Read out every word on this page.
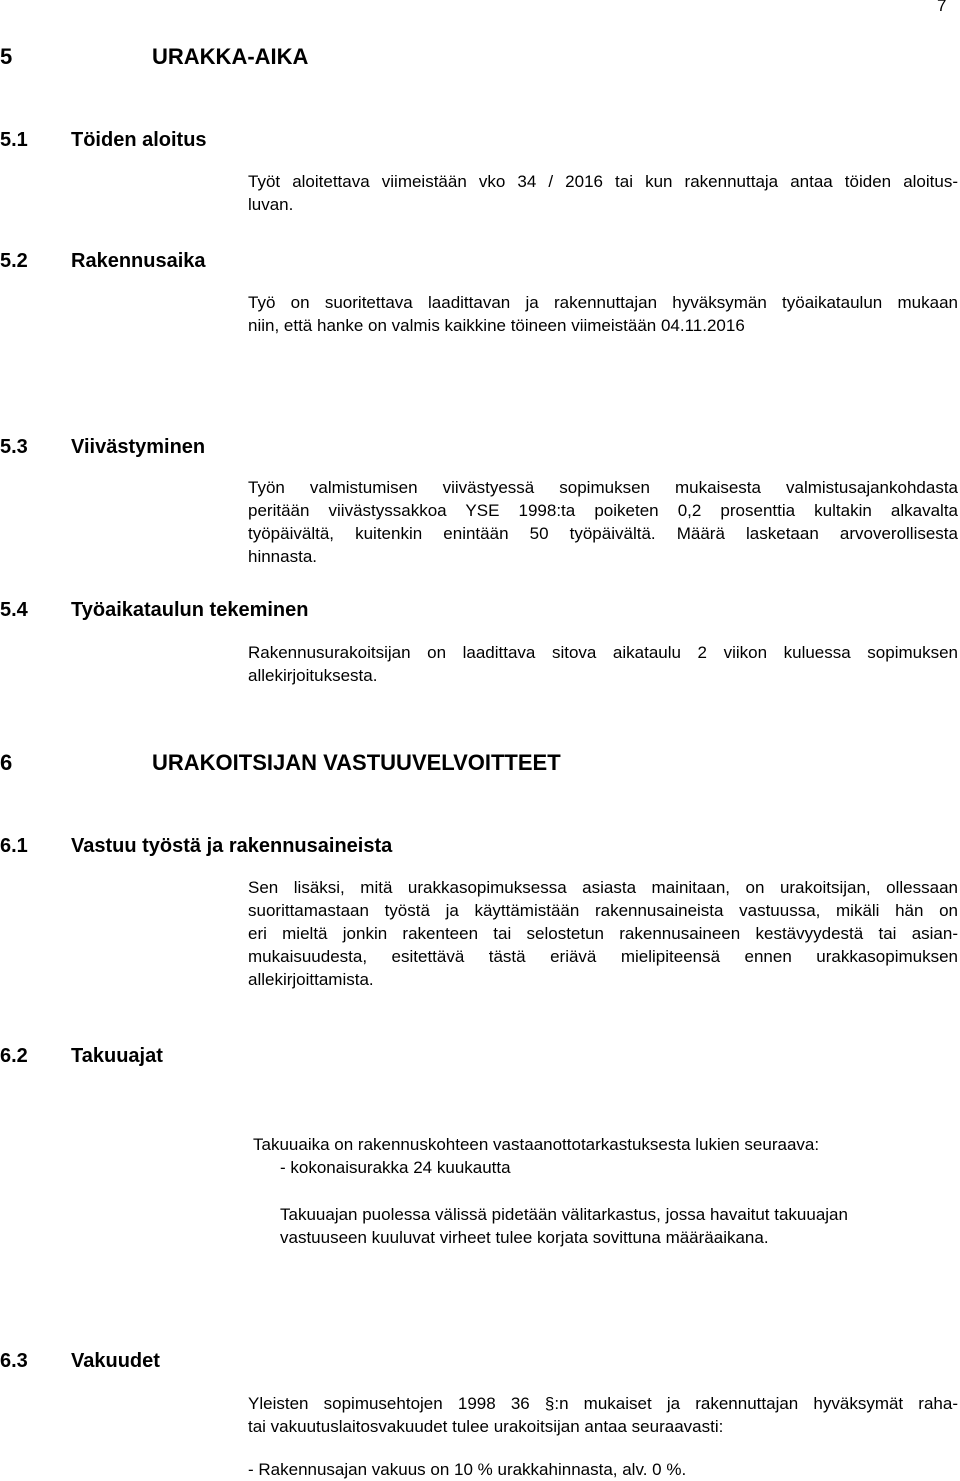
7
5	URAKKA-AIKA
5.1 Töiden aloitus
Työt aloitettava viimeistään vko 34 / 2016 tai kun rakennuttaja antaa töiden aloitus-
luvan.
5.2 Rakennusaika
Työ on suoritettava laadittavan ja rakennuttajan hyväksymän työaikataulun mukaan
niin, että hanke on valmis kaikkine töineen viimeistään 04.11.2016
5.3 Viivästyminen
Työn valmistumisen viivästyessä sopimuksen mukaisesta valmistusajankohdasta
peritään viivästyssakkoa YSE 1998:ta poiketen 0,2 prosenttia kultakin alkavalta
työpäivältä, kuitenkin enintään 50 työpäivältä. Määrä lasketaan arvoverollisesta
hinnasta.
5.4 Työaikataulun tekeminen
Rakennusurakoitsijan on laadittava sitova aikataulu 2 viikon kuluessa sopimuksen
allekirjoituksesta.
6	URAKOITSIJAN VASTUUVELVOITTEET
6.1 Vastuu työstä ja rakennusaineista
Sen lisäksi, mitä urakkasopimuksessa asiasta mainitaan, on urakoitsijan, ollessaan
suorittamastaan työstä ja käyttämistään rakennusaineista vastuussa, mikäli hän on
eri mieltä jonkin rakenteen tai selostetun rakennusaineen kestävyydestä tai asian-
mukaisuudesta, esitettävä tästä eriävä mielipiteensä ennen urakkasopimuksen
allekirjoittamista.
6.2 Takuuajat
Takuuaika on rakennuskohteen vastaanottotarkastuksesta lukien seuraava:
- kokonaisurakka 24 kuukautta
Takuuajan puolessa välissä pidetään välitarkastus, jossa havaitut takuuajan
vastuuseen kuuluvat virheet tulee korjata sovittuna määräaikana.
6.3 Vakuudet
Yleisten sopimusehtojen 1998 36 §:n mukaiset ja rakennuttajan hyväksymät raha-
tai vakuutuslaitosvakuudet tulee urakoitsijan antaa seuraavasti:
- Rakennusajan vakuus on 10 % urakkahinnasta, alv. 0 %.
